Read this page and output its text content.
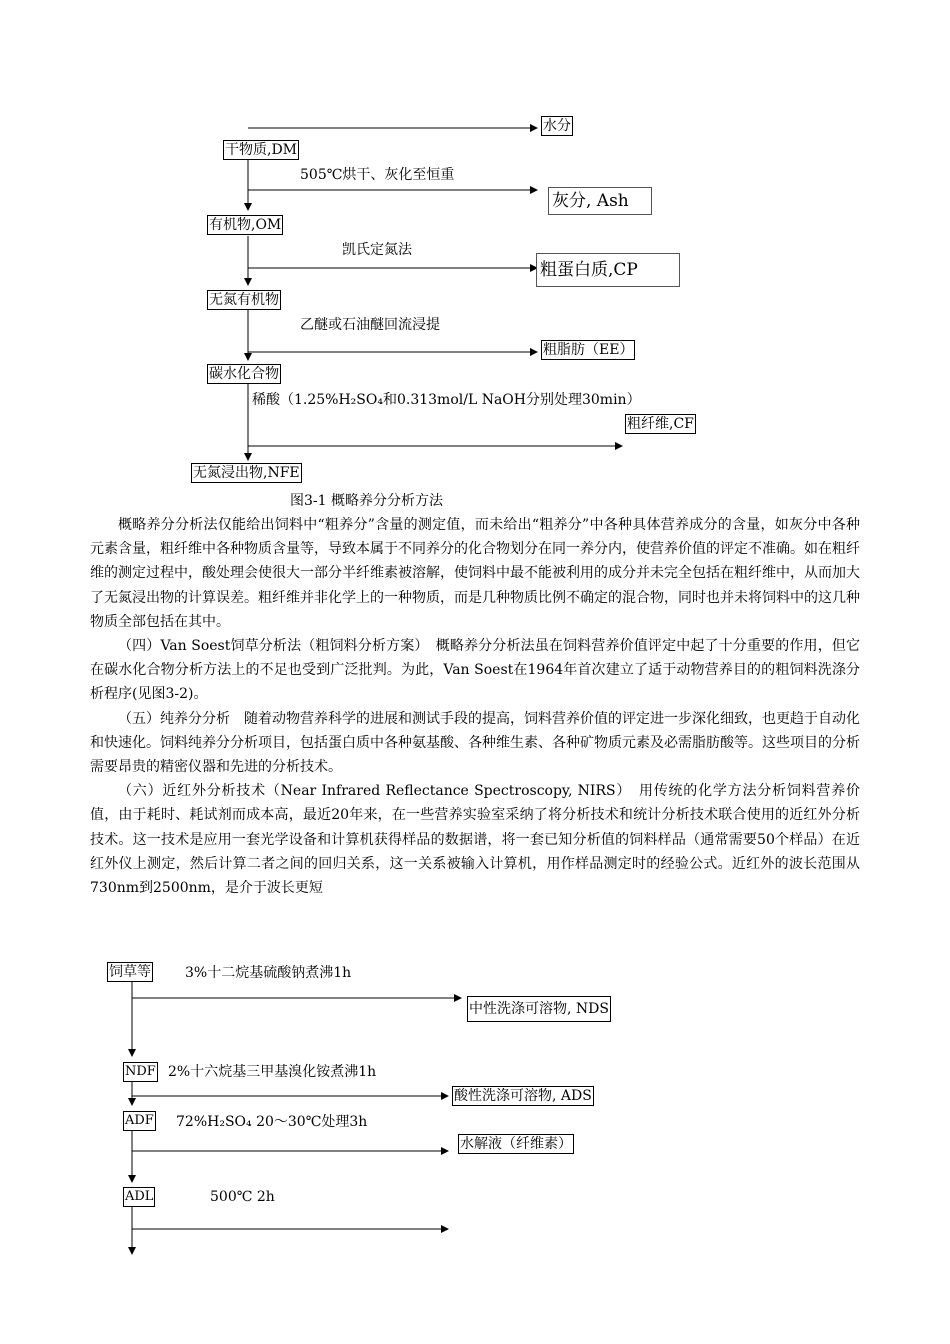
水分
干物质,DM
505℃烘干、灰化至恒重
灰分, Ash
有机物,OM
凯氏定氮法
粗蛋白质,CP
无氮有机物
乙醚或石油醚回流浸提
粗脂肪（EE）
碳水化合物
稀酸（1.25%H₂SO₄和0.313mol/L NaOH分别处理30min）
粗纤维,CF
无氮浸出物,NFE
图3-1 概略养分分析方法

概略养分分析法仅能给出饲料中“粗养分”含量的测定值，而未给出“粗养分”中各种具体营养成分的含量，如灰分中各种元素含量，粗纤维中各种物质含量等，导致本属于不同养分的化合物划分在同一养分内，使营养价值的评定不准确。如在粗纤维的测定过程中，酸处理会使很大一部分半纤维素被溶解，使饲料中最不能被利用的成分并未完全包括在粗纤维中，从而加大了无氮浸出物的计算误差。粗纤维并非化学上的一种物质，而是几种物质比例不确定的混合物，同时也并未将饲料中的这几种物质全部包括在其中。

（四）Van Soest饲草分析法（粗饲料分析方案）　概略养分分析法虽在饲料营养价值评定中起了十分重要的作用，但它在碳水化合物分析方法上的不足也受到广泛批判。为此，Van Soest在1964年首次建立了适于动物营养目的的粗饲料洗涤分析程序(见图3-2)。

（五）纯养分分析　随着动物营养科学的进展和测试手段的提高，饲料营养价值的评定进一步深化细致，也更趋于自动化和快速化。饲料纯养分分析项目，包括蛋白质中各种氨基酸、各种维生素、各种矿物质元素及必需脂肪酸等。这些项目的分析需要昂贵的精密仪器和先进的分析技术。

（六）近红外分析技术（Near Infrared Reflectance Spectroscopy, NIRS）　用传统的化学方法分析饲料营养价值，由于耗时、耗试剂而成本高，最近20年来，在一些营养实验室采纳了将分析技术和统计分析技术联合使用的近红外分析技术。这一技术是应用一套光学设备和计算机获得样品的数据谱，将一套已知分析值的饲料样品（通常需要50个样品）在近红外仪上测定，然后计算二者之间的回归关系，这一关系被输入计算机，用作样品测定时的经验公式。近红外的波长范围从730nm到2500nm，是介于波长更短

饲草等 3%十二烷基硫酸钠煮沸1h
中性洗涤可溶物, NDS
NDF 2%十六烷基三甲基溴化铵煮沸1h
酸性洗涤可溶物, ADS
ADF 72%H₂SO₄ 20～30℃处理3h
水解液（纤维素）
ADL	500℃ 2h
